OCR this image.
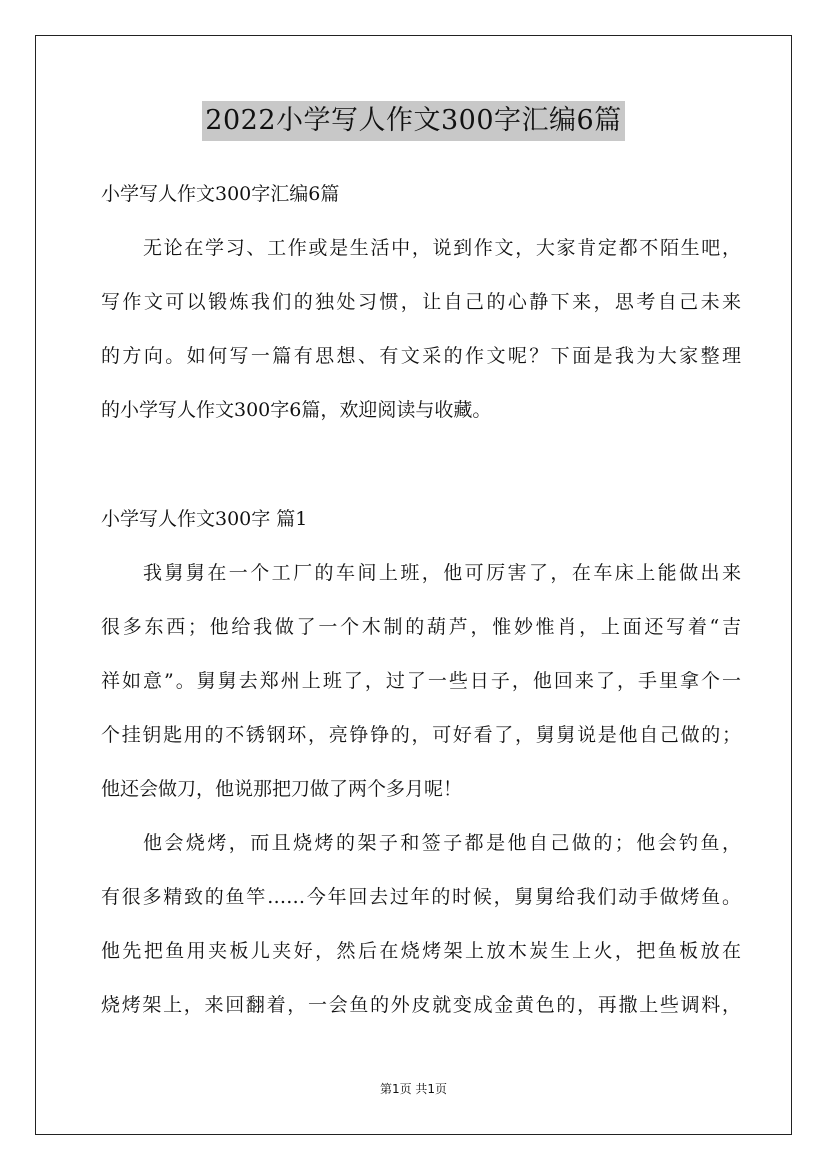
2022小学写人作文300字汇编6篇
小学写人作文300字汇编6篇
无论在学习、工作或是生活中，说到作文，大家肯定都不陌生吧，
写作文可以锻炼我们的独处习惯，让自己的心静下来，思考自己未来
的方向。如何写一篇有思想、有文采的作文呢？下面是我为大家整理
的小学写人作文300字6篇，欢迎阅读与收藏。
小学写人作文300字 篇1
我舅舅在一个工厂的车间上班，他可厉害了，在车床上能做出来
很多东西；他给我做了一个木制的葫芦，惟妙惟肖，上面还写着“吉
祥如意”。舅舅去郑州上班了，过了一些日子，他回来了，手里拿个一
个挂钥匙用的不锈钢环，亮铮铮的，可好看了，舅舅说是他自己做的；
他还会做刀，他说那把刀做了两个多月呢！
他会烧烤，而且烧烤的架子和签子都是他自己做的；他会钓鱼，
有很多精致的鱼竿……今年回去过年的时候，舅舅给我们动手做烤鱼。
他先把鱼用夹板儿夹好，然后在烧烤架上放木炭生上火，把鱼板放在
烧烤架上，来回翻着，一会鱼的外皮就变成金黄色的，再撒上些调料，
第1页 共1页
